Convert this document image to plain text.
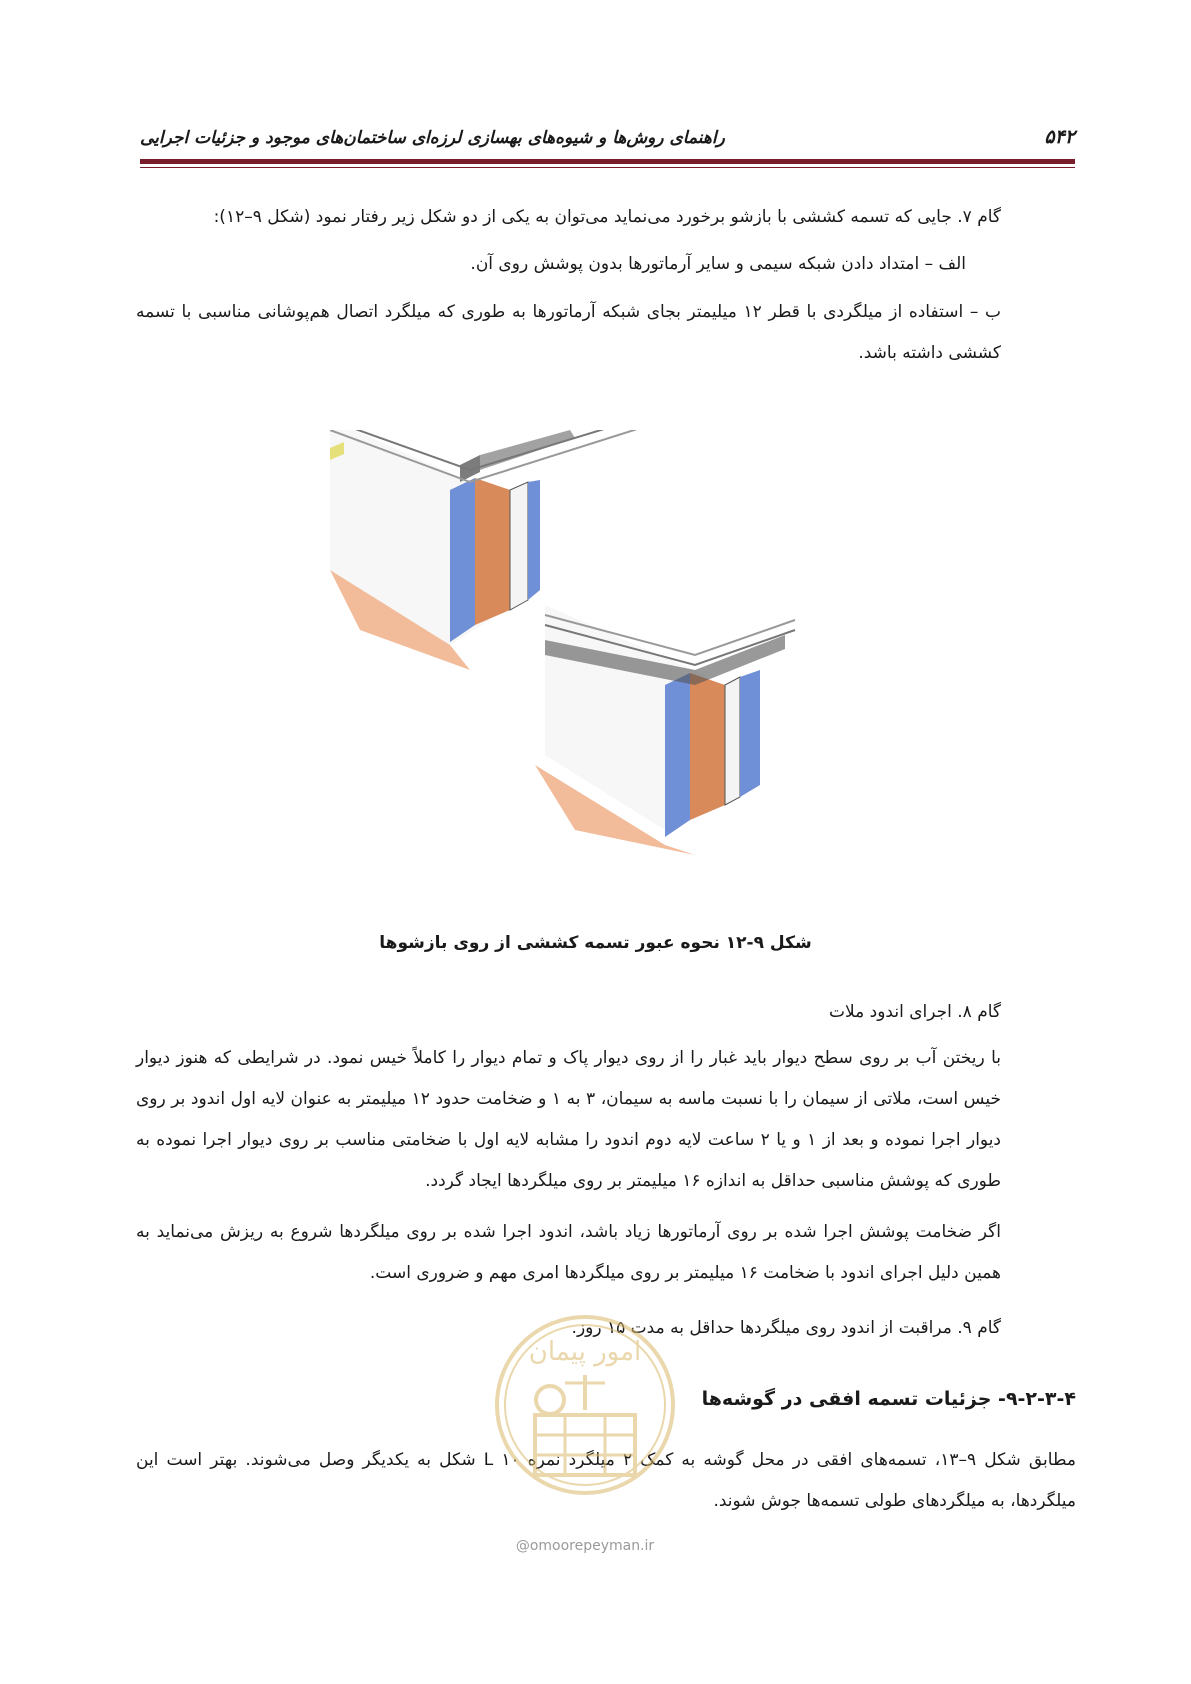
راهنمای روش‌ها و شیوه‌های بهسازی لرزه‌ای ساختمان‌های موجود و جزئیات اجرایی	۵۴۲
گام ۷. جایی که تسمه کششی با بازشو برخورد می‌نماید می‌توان به یکی از دو شکل زیر رفتار نمود (شکل ۹–۱۲):
الف – امتداد دادن شبکه سیمی و سایر آرماتورها بدون پوشش روی آن.
ب – استفاده از میلگردی با قطر ۱۲ میلیمتر بجای شبکه آرماتورها به طوری که میلگرد اتصال هم‌پوشانی مناسبی با تسمه کششی داشته باشد.
شکل ۹-۱۲ نحوه عبور تسمه کششی از روی بازشوها
گام ۸. اجرای اندود ملات
با ریختن آب بر روی سطح دیوار باید غبار را از روی دیوار پاک و تمام دیوار را کاملاً خیس نمود. در شرایطی که هنوز دیوار خیس است، ملاتی از سیمان را با نسبت ماسه به سیمان، ۳ به ۱ و ضخامت حدود ۱۲ میلیمتر به عنوان لایه اول اندود بر روی دیوار اجرا نموده و بعد از ۱ و یا ۲ ساعت لایه دوم اندود را مشابه لایه اول با ضخامتی مناسب بر روی دیوار اجرا نموده به طوری که پوشش مناسبی حداقل به اندازه ۱۶ میلیمتر بر روی میلگردها ایجاد گردد.
اگر ضخامت پوشش اجرا شده بر روی آرماتورها زیاد باشد، اندود اجرا شده بر روی میلگردها شروع به ریزش می‌نماید به همین دلیل اجرای اندود با ضخامت ۱۶ میلیمتر بر روی میلگردها امری مهم و ضروری است.
گام ۹. مراقبت از اندود روی میلگردها حداقل به مدت ۱۵ روز.
۹-۲-۳-۴- جزئیات تسمه افقی در گوشه‌ها
مطابق شکل ۹–۱۳، تسمه‌های افقی در محل گوشه به کمک ۲ میلگرد نمره ۱۰ L شکل به یکدیگر وصل می‌شوند. بهتر است این میلگردها، به میلگردهای طولی تسمه‌ها جوش شوند.
امور پیمان
@omoorepeyman.ir
